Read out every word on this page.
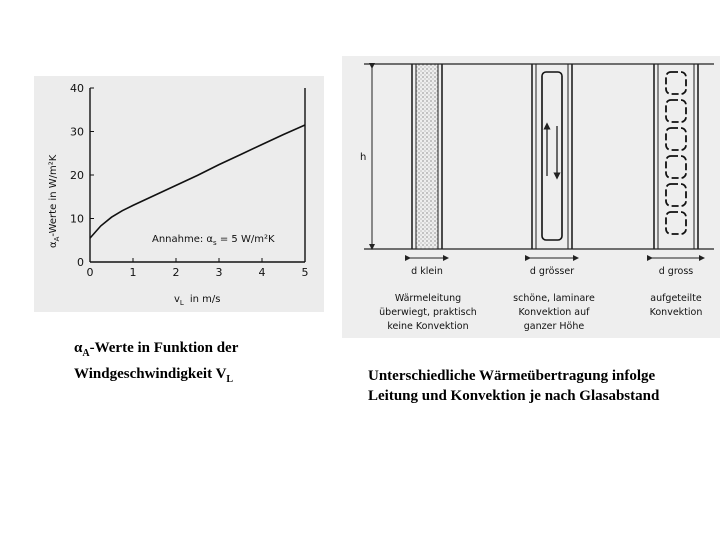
0	1	2	3	4	5
0
10
20
30
40
Annahme: $\alpha_s = 5$ W/m²K
$\alpha_A$-Werte in W/m²K
$v_L$ in m/s
h
d klein	d grösser	d gross
Wärmeleitung
überwiegt, praktisch
keine Konvektion
schöne, laminare
Konvektion auf
ganzer Höhe
aufgeteilte
Konvektion
$\alpha_A$-Werte in Funktion der
Windgeschwindigkeit $V_L$	Unterschiedliche Wärmeübertragung infolge Leitung und Konvektion je nach Glasabstand
